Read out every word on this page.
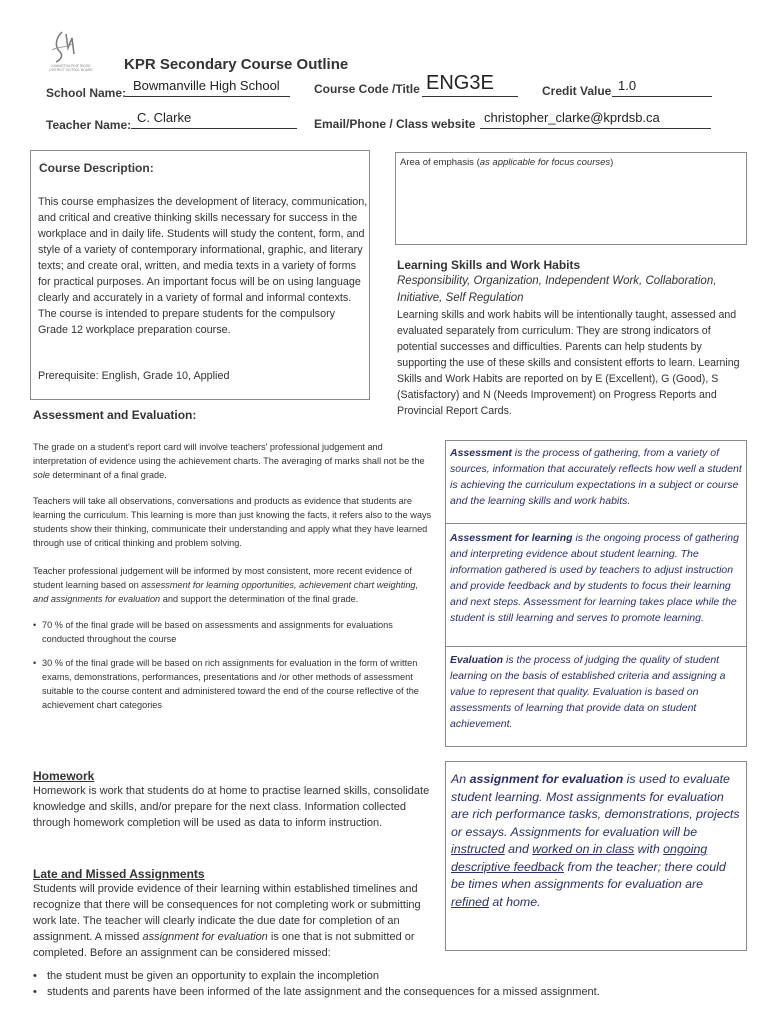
KAWARTHA PINE RIDGE
DISTRICT SCHOOL BOARD KPR Secondary Course Outline
School Name: Bowmanville High School	Course Code /Title ENG3E	Credit Value 1.0
Teacher Name: C. Clarke	Email/Phone / Class website christopher_clarke@kprdsb.ca
Course Description:

This course emphasizes the development of literacy, communication, and critical and creative thinking skills necessary for success in the workplace and in daily life. Students will study the content, form, and style of a variety of contemporary informational, graphic, and literary texts; and create oral, written, and media texts in a variety of forms for practical purposes. An important focus will be on using language clearly and accurately in a variety of formal and informal contexts. The course is intended to prepare students for the compulsory Grade 12 workplace preparation course.

Prerequisite: English, Grade 10, Applied

Area of emphasis (as applicable for focus courses)
Learning Skills and Work Habits

Responsibility, Organization, Independent Work, Collaboration, Initiative, Self Regulation

Learning skills and work habits will be intentionally taught, assessed and evaluated separately from curriculum. They are strong indicators of potential successes and difficulties. Parents can help students by supporting the use of these skills and consistent efforts to learn. Learning Skills and Work Habits are reported on by E (Excellent), G (Good), S (Satisfactory) and N (Needs Improvement) on Progress Reports and Provincial Report Cards.

Assessment and Evaluation:

The grade on a student's report card will involve teachers' professional judgement and interpretation of evidence using the achievement charts. The averaging of marks shall not be the sole determinant of a final grade.

Teachers will take all observations, conversations and products as evidence that students are learning the curriculum. This learning is more than just knowing the facts, it refers also to the ways students show their thinking, communicate their understanding and apply what they have learned through use of critical thinking and problem solving.

Teacher professional judgement will be informed by most consistent, more recent evidence of student learning based on assessment for learning opportunities, achievement chart weighting, and assignments for evaluation and support the determination of the final grade.

• 70 % of the final grade will be based on assessments and assignments for evaluations conducted throughout the course

• 30 % of the final grade will be based on rich assignments for evaluation in the form of written exams, demonstrations, performances, presentations and /or other methods of assessment suitable to the course content and administered toward the end of the course reflective of the achievement chart categories

Assessment is the process of gathering, from a variety of sources, information that accurately reflects how well a student is achieving the curriculum expectations in a subject or course and the learning skills and work habits.

Assessment for learning is the ongoing process of gathering and interpreting evidence about student learning. The information gathered is used by teachers to adjust instruction and provide feedback and by students to focus their learning and next steps. Assessment for learning takes place while the student is still learning and serves to promote learning.

Evaluation is the process of judging the quality of student learning on the basis of established criteria and assigning a value to represent that quality. Evaluation is based on assessments of learning that provide data on student achievement.

An assignment for evaluation is used to evaluate student learning. Most assignments for evaluation are rich performance tasks, demonstrations, projects or essays. Assignments for evaluation will be instructed and worked on in class with ongoing descriptive feedback from the teacher; there could be times when assignments for evaluation are refined at home.

Homework

Homework is work that students do at home to practise learned skills, consolidate knowledge and skills, and/or prepare for the next class. Information collected through homework completion will be used as data to inform instruction.

Late and Missed Assignments

Students will provide evidence of their learning within established timelines and recognize that there will be consequences for not completing work or submitting work late. The teacher will clearly indicate the due date for completion of an assignment. A missed assignment for evaluation is one that is not submitted or completed. Before an assignment can be considered missed:

• the student must be given an opportunity to explain the incompletion

• students and parents have been informed of the late assignment and the consequences for a missed assignment.
